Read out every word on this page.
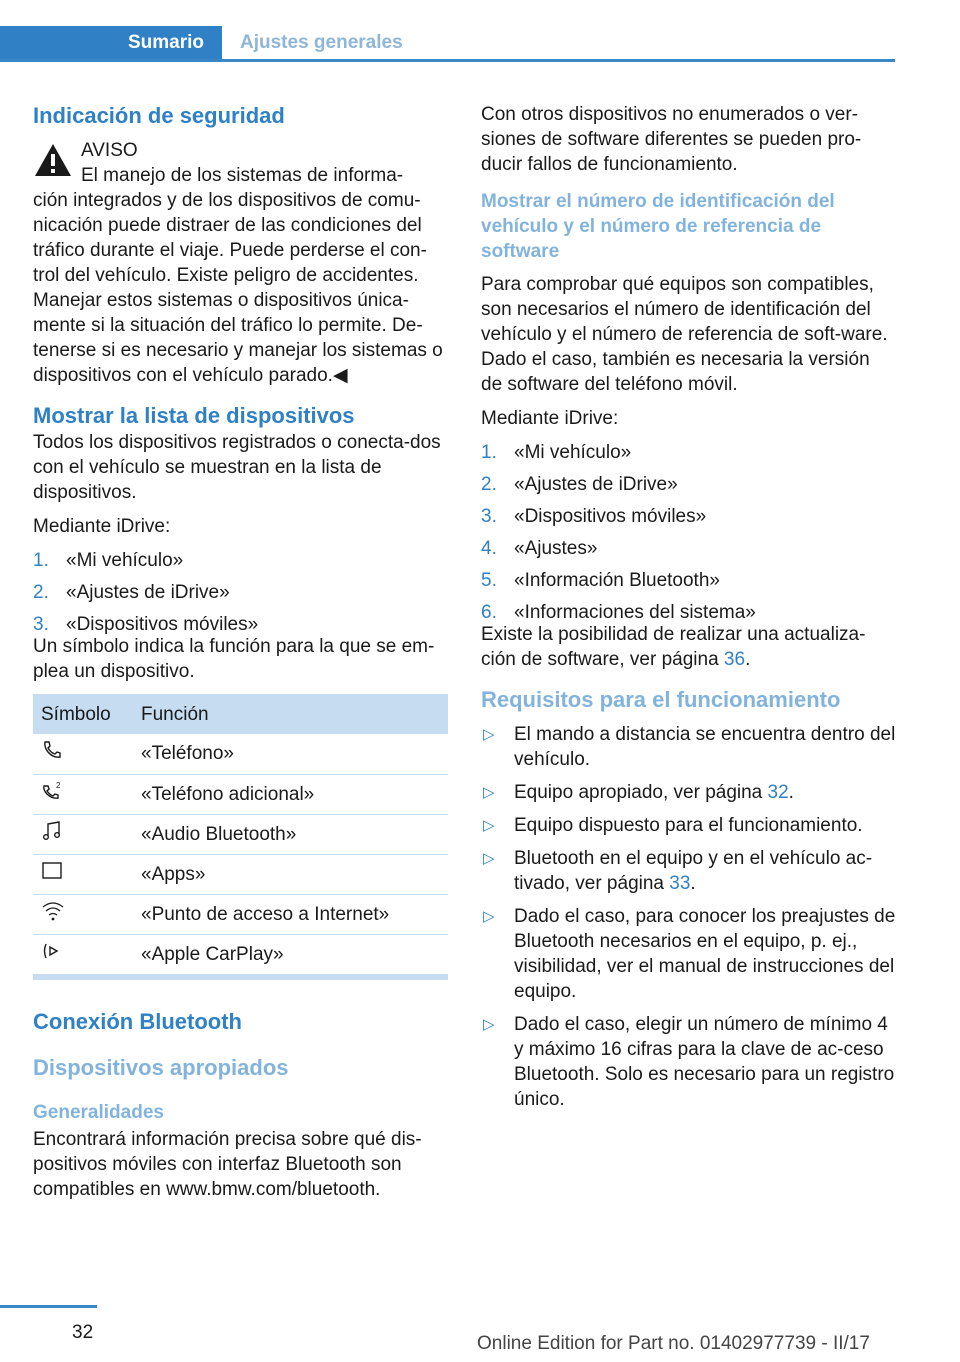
Sumario	Ajustes generales
Indicación de seguridad
AVISO
El manejo de los sistemas de informa‐
ción integrados y de los dispositivos de comu‐nicación puede distraer de las condiciones del tráfico durante el viaje. Puede perderse el con‐trol del vehículo. Existe peligro de accidentes. Manejar estos sistemas o dispositivos única‐mente si la situación del tráfico lo permite. De‐tenerse si es necesario y manejar los sistemas o dispositivos con el vehículo parado.◀
Mostrar la lista de dispositivos

Todos los dispositivos registrados o conecta‐dos con el vehículo se muestran en la lista de dispositivos.

Mediante iDrive:

1. «Mi vehículo»
2. «Ajustes de iDrive»
3. «Dispositivos móviles»

Un símbolo indica la función para la que se em‐plea un dispositivo.

Símbolo	Función
	«Teléfono»

2	«Teléfono adicional»
	«Audio Bluetooth»
	«Apps»
	«Punto de acceso a Internet»
	«Apple CarPlay»
Conexión Bluetooth
Dispositivos apropiados
Generalidades

Encontrará información precisa sobre qué dis‐positivos móviles con interfaz Bluetooth son compatibles en www.bmw.com/bluetooth.

Con otros dispositivos no enumerados o ver‐siones de software diferentes se pueden pro‐ducir fallos de funcionamiento.

Mostrar el número de identificación del vehículo y el número de referencia de software

Para comprobar qué equipos son compatibles, son necesarios el número de identificación del vehículo y el número de referencia de soft‐ware. Dado el caso, también es necesaria la versión de software del teléfono móvil.

Mediante iDrive:

1. «Mi vehículo»
2. «Ajustes de iDrive»
3. «Dispositivos móviles»
4. «Ajustes»
5. «Información Bluetooth»
6. «Informaciones del sistema»

Existe la posibilidad de realizar una actualiza‐ción de software, ver página 36.

Requisitos para el funcionamiento
▷ El mando a distancia se encuentra dentro del vehículo.
▷ Equipo apropiado, ver página 32.
▷ Equipo dispuesto para el funcionamiento.
▷ Bluetooth en el equipo y en el vehículo ac‐tivado, ver página 33.
▷ Dado el caso, para conocer los preajustes de Bluetooth necesarios en el equipo, p. ej., visibilidad, ver el manual de instrucciones del equipo.
▷ Dado el caso, elegir un número de mínimo 4 y máximo 16 cifras para la clave de ac‐ceso Bluetooth. Solo es necesario para un registro único.
32
Online Edition for Part no. 01402977739 - II/17
